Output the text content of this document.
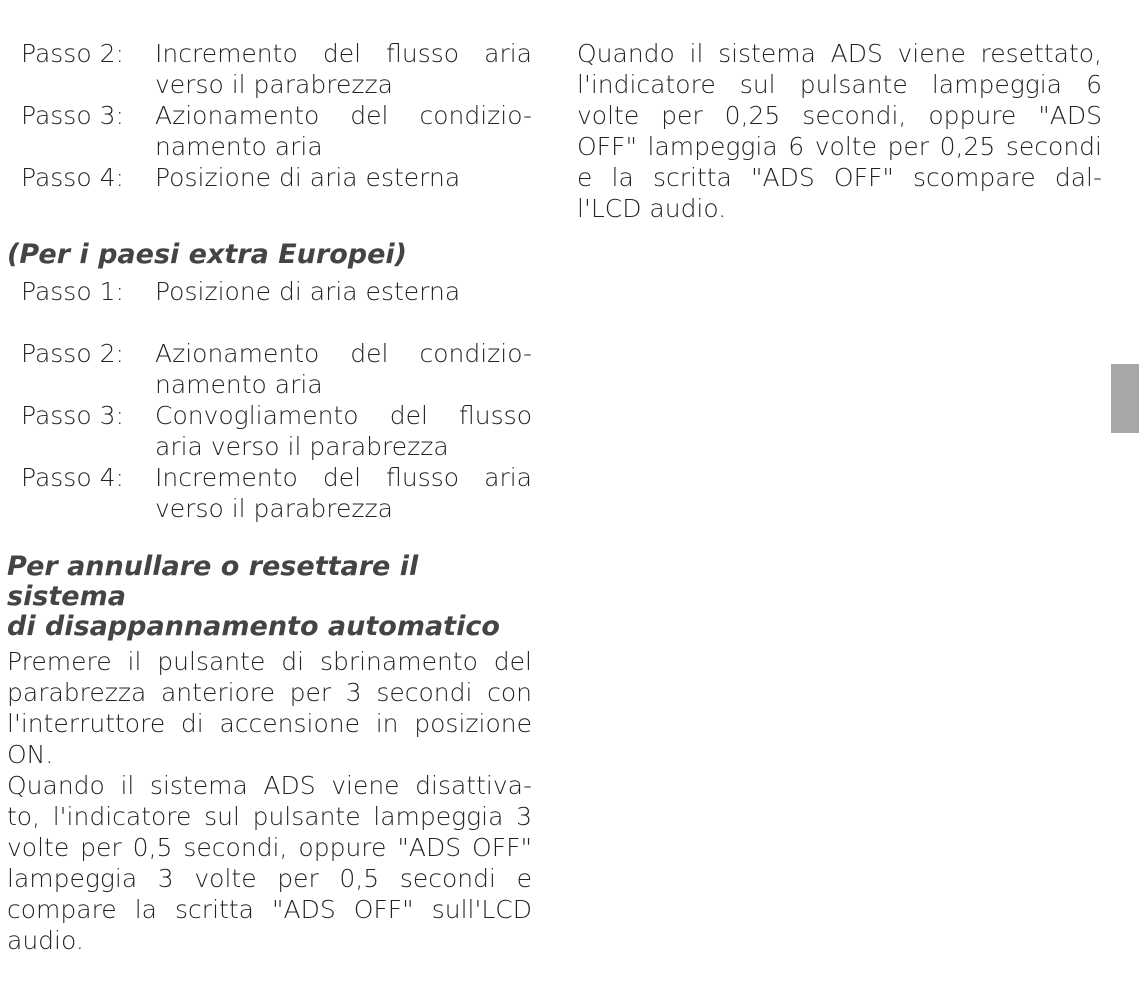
Passo 2:	Incremento del flusso aria
verso il parabrezza
Passo 3:	Azionamento del condizio-
namento aria
Passo 4:	Posizione di aria esterna
(Per i paesi extra Europei)
Passo 1:	Posizione di aria esterna
Passo 2:	Azionamento del condizio-
namento aria
Passo 3:	Convogliamento del flusso
aria verso il parabrezza
Passo 4:	Incremento del flusso aria
verso il parabrezza
Per annullare o resettare il sistema
di disappannamento automatico

Premere il pulsante di sbrinamento del
parabrezza anteriore per 3 secondi con
l'interruttore di accensione in posizione
ON.

Quando il sistema ADS viene disattiva-
to, l'indicatore sul pulsante lampeggia 3
volte per 0,5 secondi, oppure "ADS OFF"
lampeggia 3 volte per 0,5 secondi e
compare la scritta "ADS OFF" sull'LCD
audio.

Quando il sistema ADS viene resettato,
l'indicatore sul pulsante lampeggia 6
volte per 0,25 secondi, oppure "ADS
OFF" lampeggia 6 volte per 0,25 secondi
e la scritta "ADS OFF" scompare dal-
l'LCD audio.
